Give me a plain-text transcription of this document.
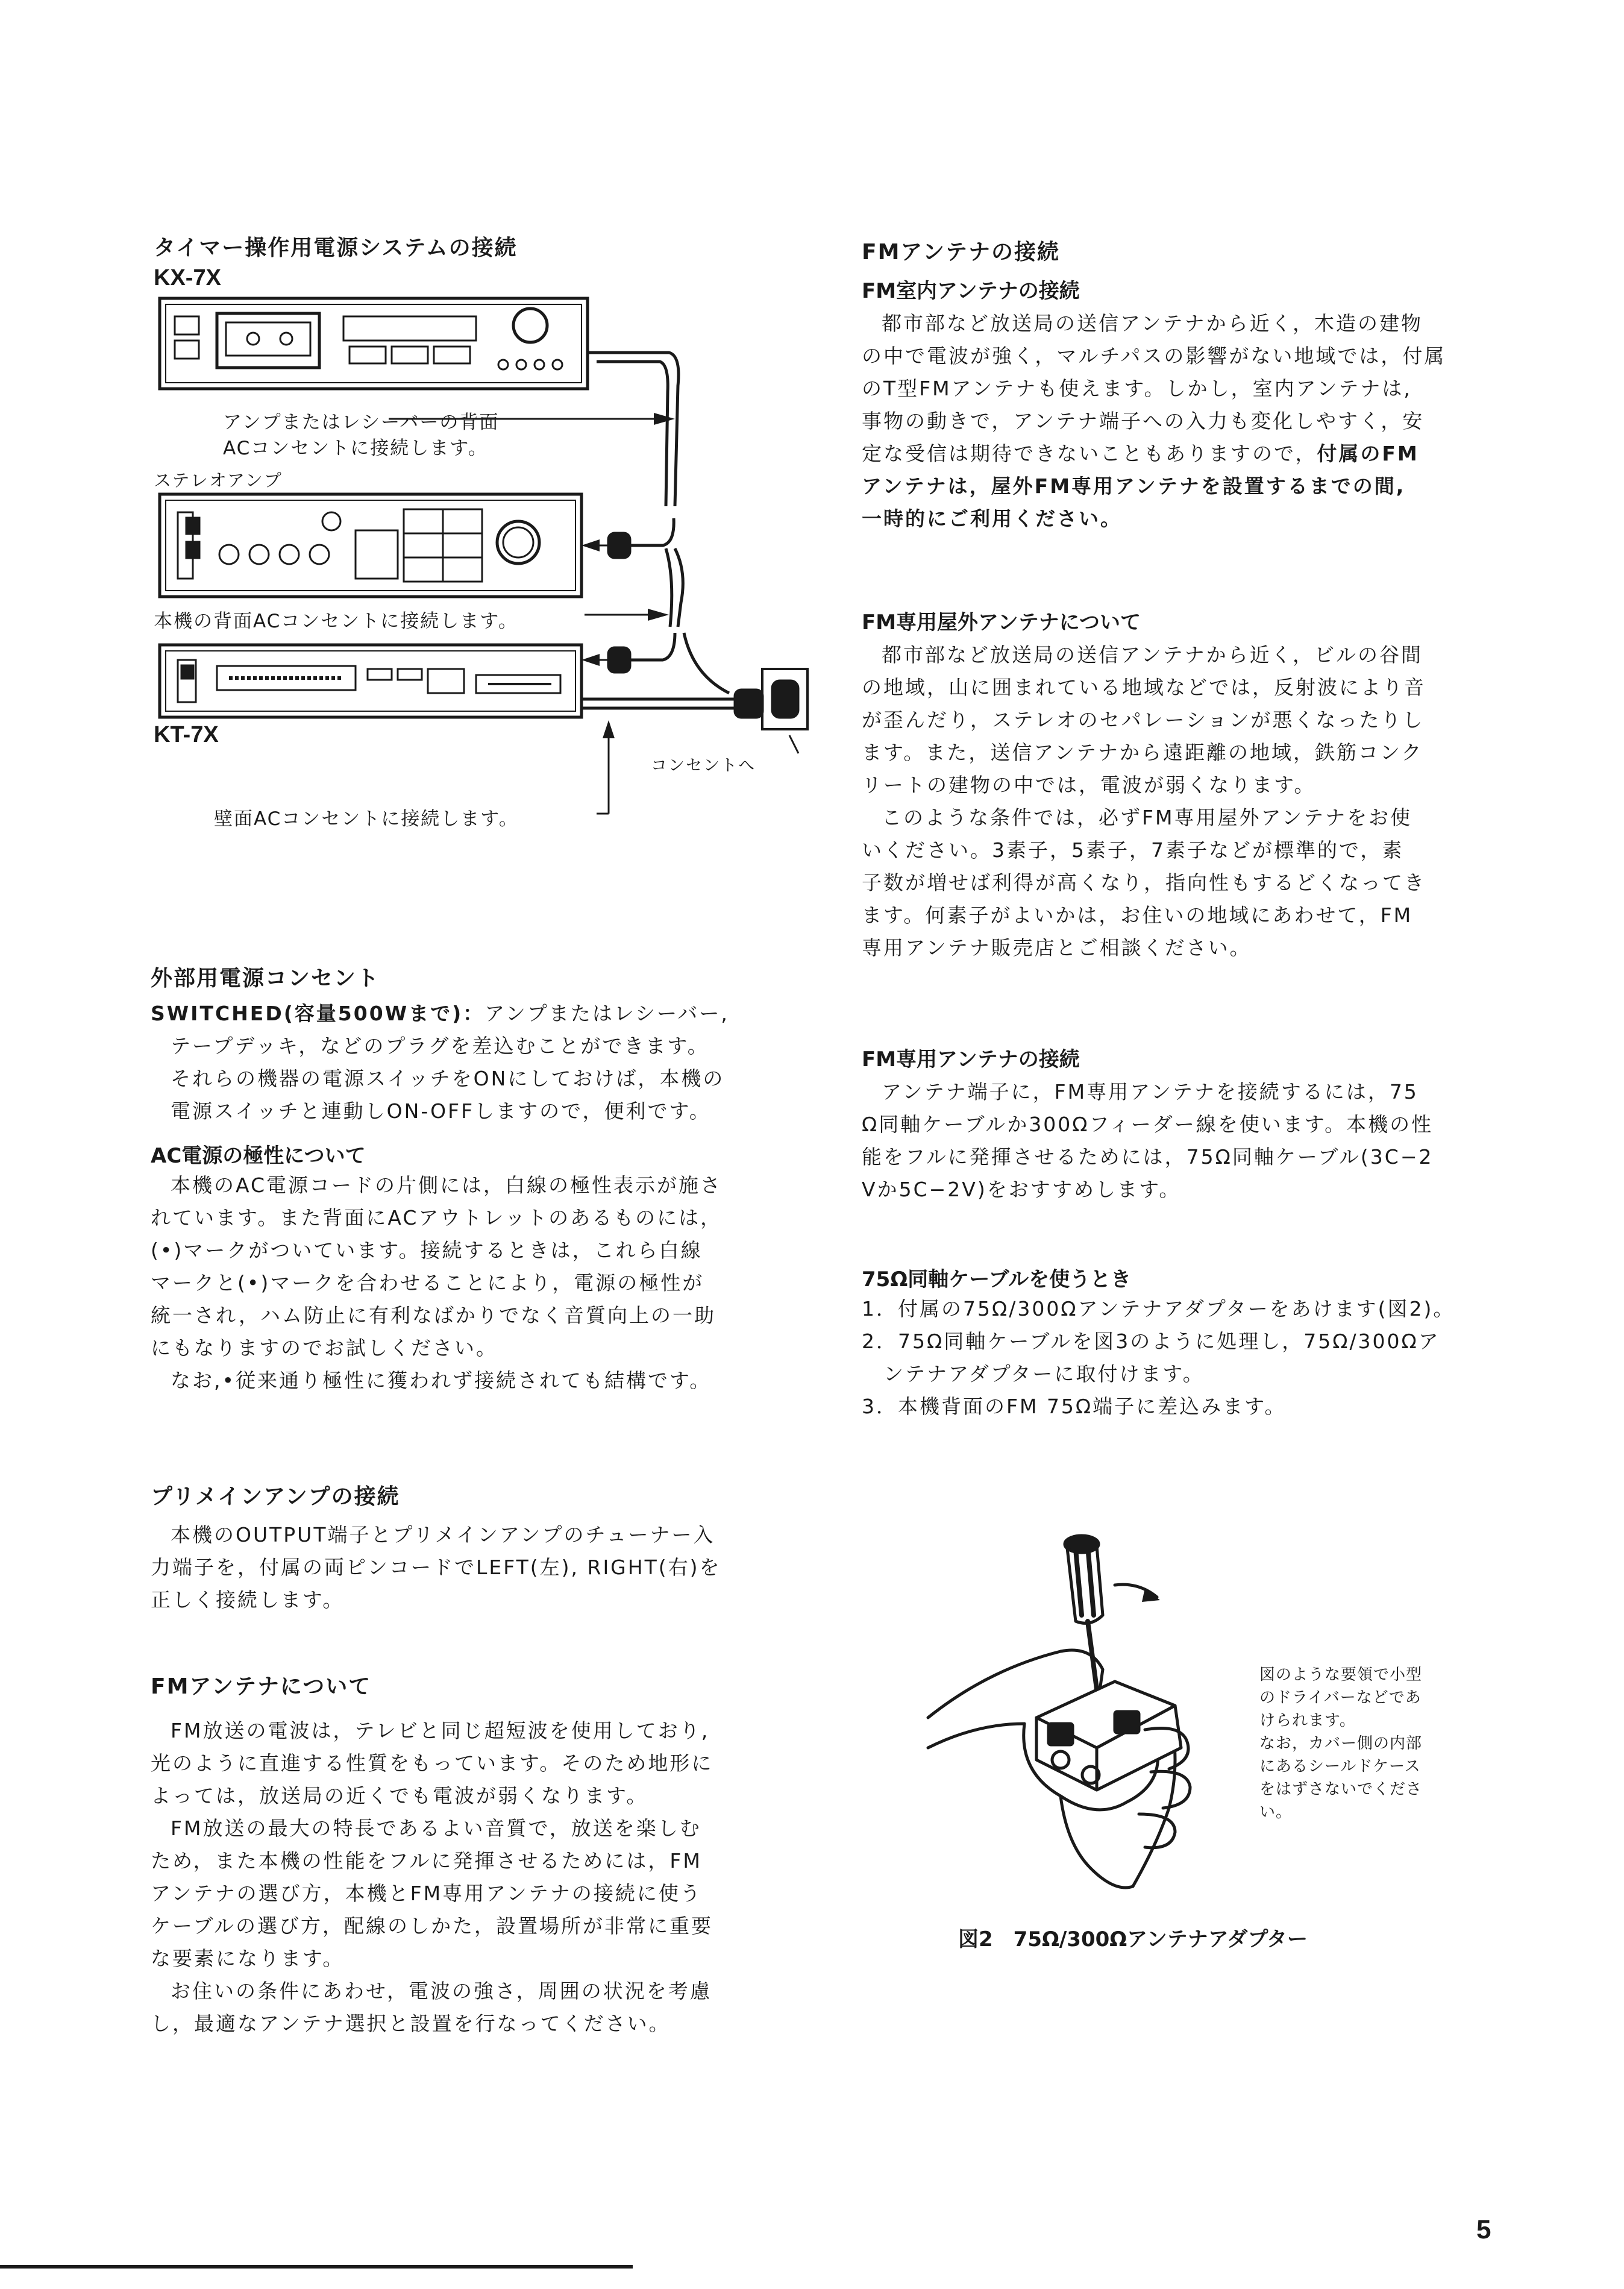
タイマー操作用電源システムの接続
KX-7X
アンプまたはレシーバーの背面
ACコンセントに接続します。
ステレオアンプ
本機の背面ACコンセントに接続します。
KT-7X
コンセントへ
壁面ACコンセントに接続します。
外部用電源コンセント

SWITCHED(容量500Wまで)：アンプまたはレシーバー,

テープデッキ，などのプラグを差込むことができます。

それらの機器の電源スイッチをONにしておけば，本機の

電源スイッチと連動しON-OFFしますので，便利です。

AC電源の極性について

本機のAC電源コードの片側には，白線の極性表示が施さ

れています。また背面にACアウトレットのあるものには，

(•)マークがついています。接続するときは，これら白線

マークと(•)マークを合わせることにより，電源の極性が

統一され，ハム防止に有利なばかりでなく音質向上の一助

にもなりますのでお試しください。

なお,•従来通り極性に獲われず接続されても結構です。

プリメインアンプの接続

本機のOUTPUT端子とプリメインアンプのチューナー入

力端子を，付属の両ピンコードでLEFT(左), RIGHT(右)を

正しく接続します。

FMアンテナについて

FM放送の電波は，テレビと同じ超短波を使用しており,

光のように直進する性質をもっています。そのため地形に

よっては，放送局の近くでも電波が弱くなります。

FM放送の最大の特長であるよい音質で，放送を楽しむ

ため，また本機の性能をフルに発揮させるためには，FM

アンテナの選び方，本機とFM専用アンテナの接続に使う

ケーブルの選び方，配線のしかた，設置場所が非常に重要

な要素になります。

お住いの条件にあわせ，電波の強さ，周囲の状況を考慮

し，最適なアンテナ選択と設置を行なってください。

FMアンテナの接続
FM室内アンテナの接続

都市部など放送局の送信アンテナから近く，木造の建物

の中で電波が強く，マルチパスの影響がない地域では，付属

のT型FMアンテナも使えます。しかし，室内アンテナは,

事物の動きで，アンテナ端子への入力も変化しやすく，安

定な受信は期待できないこともありますので，付属のFM

アンテナは，屋外FM専用アンテナを設置するまでの間,

一時的にご利用ください。

FM専用屋外アンテナについて

都市部など放送局の送信アンテナから近く，ビルの谷間

の地域，山に囲まれている地域などでは，反射波により音

が歪んだり，ステレオのセパレーションが悪くなったりし

ます。また，送信アンテナから遠距離の地域，鉄筋コンク

リートの建物の中では，電波が弱くなります。

このような条件では，必ずFM専用屋外アンテナをお使

いください。3素子，5素子，7素子などが標準的で，素

子数が増せば利得が高くなり，指向性もするどくなってき

ます。何素子がよいかは，お住いの地域にあわせて，FM

専用アンテナ販売店とご相談ください。

FM専用アンテナの接続

アンテナ端子に，FM専用アンテナを接続するには，75

Ω同軸ケーブルか300Ωフィーダー線を使います。本機の性

能をフルに発揮させるためには，75Ω同軸ケーブル(3C−2

Vか5C−2V)をおすすめします。

75Ω同軸ケーブルを使うとき

1．付属の75Ω/300Ωアンテナアダプターをあけます(図2)。

2．75Ω同軸ケーブルを図3のように処理し，75Ω/300Ωア

　ンテナアダプターに取付けます。

3．本機背面のFM 75Ω端子に差込みます。

図のような要領で小型
のドライバーなどであ
けられます。
なお，カバー側の内部
にあるシールドケース
をはずさないでくださ
い。
図2　75Ω/300Ωアンテナアダプター
5
